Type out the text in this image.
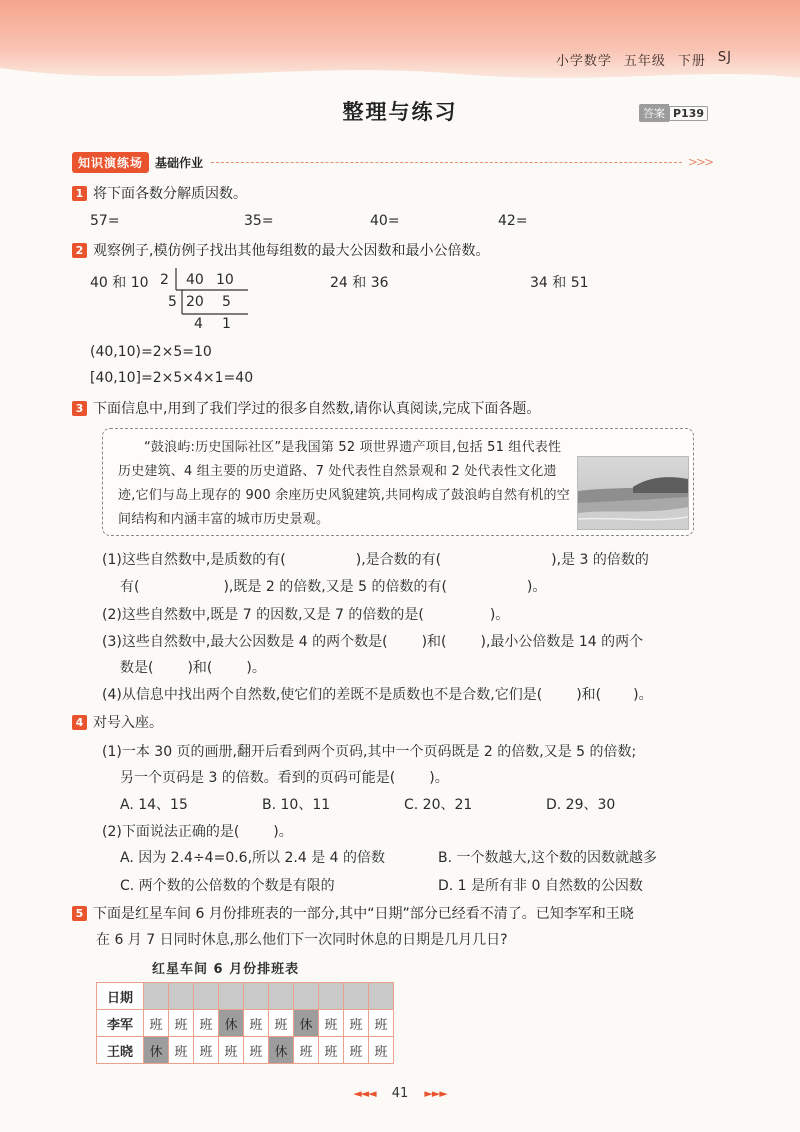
小学数学 五年级 下册 SJ
整理与练习	答案 P139
知识演练场	基础作业	>>>
1 将下面各数分解质因数。
57=	35=	40=	42=
2 观察例子,模仿例子找出其他每组数的最大公因数和最小公倍数。
40 和 10 2 40 10
5 20 5
4 1
24 和 36	34 和 51
(40,10)=2×5=10
[40,10]=2×5×4×1=40
3 下面信息中,用到了我们学过的很多自然数,请你认真阅读,完成下面各题。
“鼓浪屿:历史国际社区”是我国第 52 项世界遗产项目,包括 51 组代表性历史建筑、4 组主要的历史道路、7 处代表性自然景观和 2 处代表性文化遗迹,它们与岛上现存的 900 余座历史风貌建筑,共同构成了鼓浪屿自然有机的空间结构和内涵丰富的城市历史景观。
(1)这些自然数中,是质数的有(	),是合数的有(	),是 3 的倍数的
有(	),既是 2 的倍数,又是 5 的倍数的有(	)。
(2)这些自然数中,既是 7 的因数,又是 7 的倍数的是(	)。
(3)这些自然数中,最大公因数是 4 的两个数是( )和( ),最小公倍数是 14 的两个
数是( )和( )。
(4)从信息中找出两个自然数,使它们的差既不是质数也不是合数,它们是( )和( )。
4 对号入座。
(1)一本 30 页的画册,翻开后看到两个页码,其中一个页码既是 2 的倍数,又是 5 的倍数;
另一个页码是 3 的倍数。看到的页码可能是( )。
A. 14、15	B. 10、11	C. 20、21	D. 29、30
(2)下面说法正确的是( )。
A. 因为 2.4÷4=0.6,所以 2.4 是 4 的倍数	B. 一个数越大,这个数的因数就越多
C. 两个数的公倍数的个数是有限的	D. 1 是所有非 0 自然数的公因数
5 下面是红星车间 6 月份排班表的一部分,其中“日期”部分已经看不清了。已知李军和王晓
在 6 月 7 日同时休息,那么他们下一次同时休息的日期是几月几日?
红星车间 6 月份排班表
日期										
李军	班	班	班	休	班	班	休	班	班	班
王晓	休	班	班	班	班	休	班	班	班	班
◄◄◄ 41 ►►►
